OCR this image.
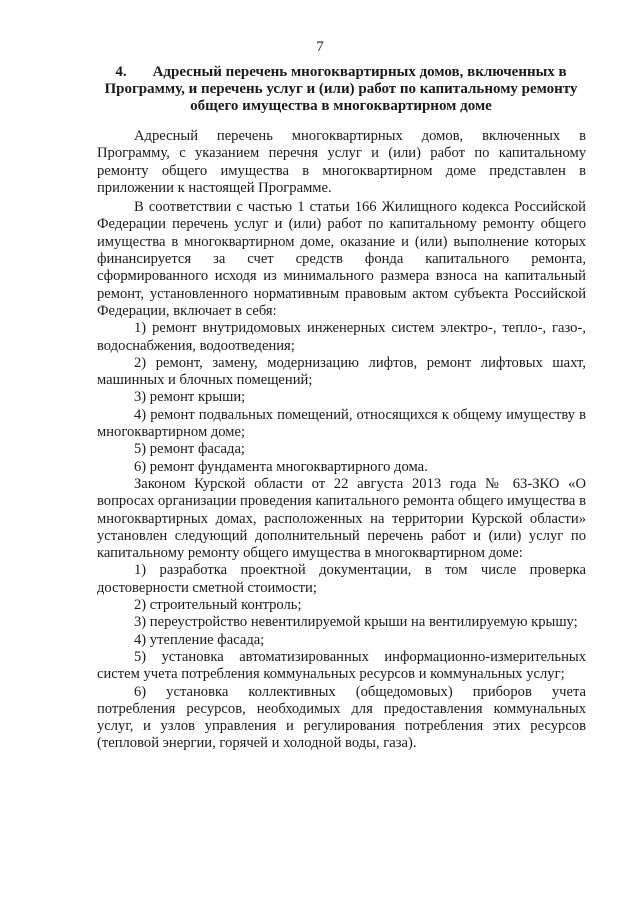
7
4. Адресный перечень многоквартирных домов, включенных в Программу, и перечень услуг и (или) работ по капитальному ремонту общего имущества в многоквартирном доме

Адресный перечень многоквартирных домов, включенных в Программу, с указанием перечня услуг и (или) работ по капитальному ремонту общего имущества в многоквартирном доме представлен в приложении к настоящей Программе.

В соответствии с частью 1 статьи 166 Жилищного кодекса Российской Федерации перечень услуг и (или) работ по капитальному ремонту общего имущества в многоквартирном доме, оказание и (или) выполнение которых финансируется за счет средств фонда капитального ремонта, сформированного исходя из минимального размера взноса на капитальный ремонт, установленного нормативным правовым актом субъекта Российской Федерации, включает в себя:

1) ремонт внутридомовых инженерных систем электро-, тепло-, газо-, водоснабжения, водоотведения;

2) ремонт, замену, модернизацию лифтов, ремонт лифтовых шахт, машинных и блочных помещений;

3) ремонт крыши;

4) ремонт подвальных помещений, относящихся к общему имуществу в многоквартирном доме;

5) ремонт фасада;

6) ремонт фундамента многоквартирного дома.

Законом Курской области от 22 августа 2013 года № 63-ЗКО «О вопросах организации проведения капитального ремонта общего имущества в многоквартирных домах, расположенных на территории Курской области» установлен следующий дополнительный перечень работ и (или) услуг по капитальному ремонту общего имущества в многоквартирном доме:

1) разработка проектной документации, в том числе проверка достоверности сметной стоимости;

2) строительный контроль;

3) переустройство невентилируемой крыши на вентилируемую крышу;

4) утепление фасада;

5) установка автоматизированных информационно-измерительных систем учета потребления коммунальных ресурсов и коммунальных услуг;

6) установка коллективных (общедомовых) приборов учета потребления ресурсов, необходимых для предоставления коммунальных услуг, и узлов управления и регулирования потребления этих ресурсов (тепловой энергии, горячей и холодной воды, газа).
